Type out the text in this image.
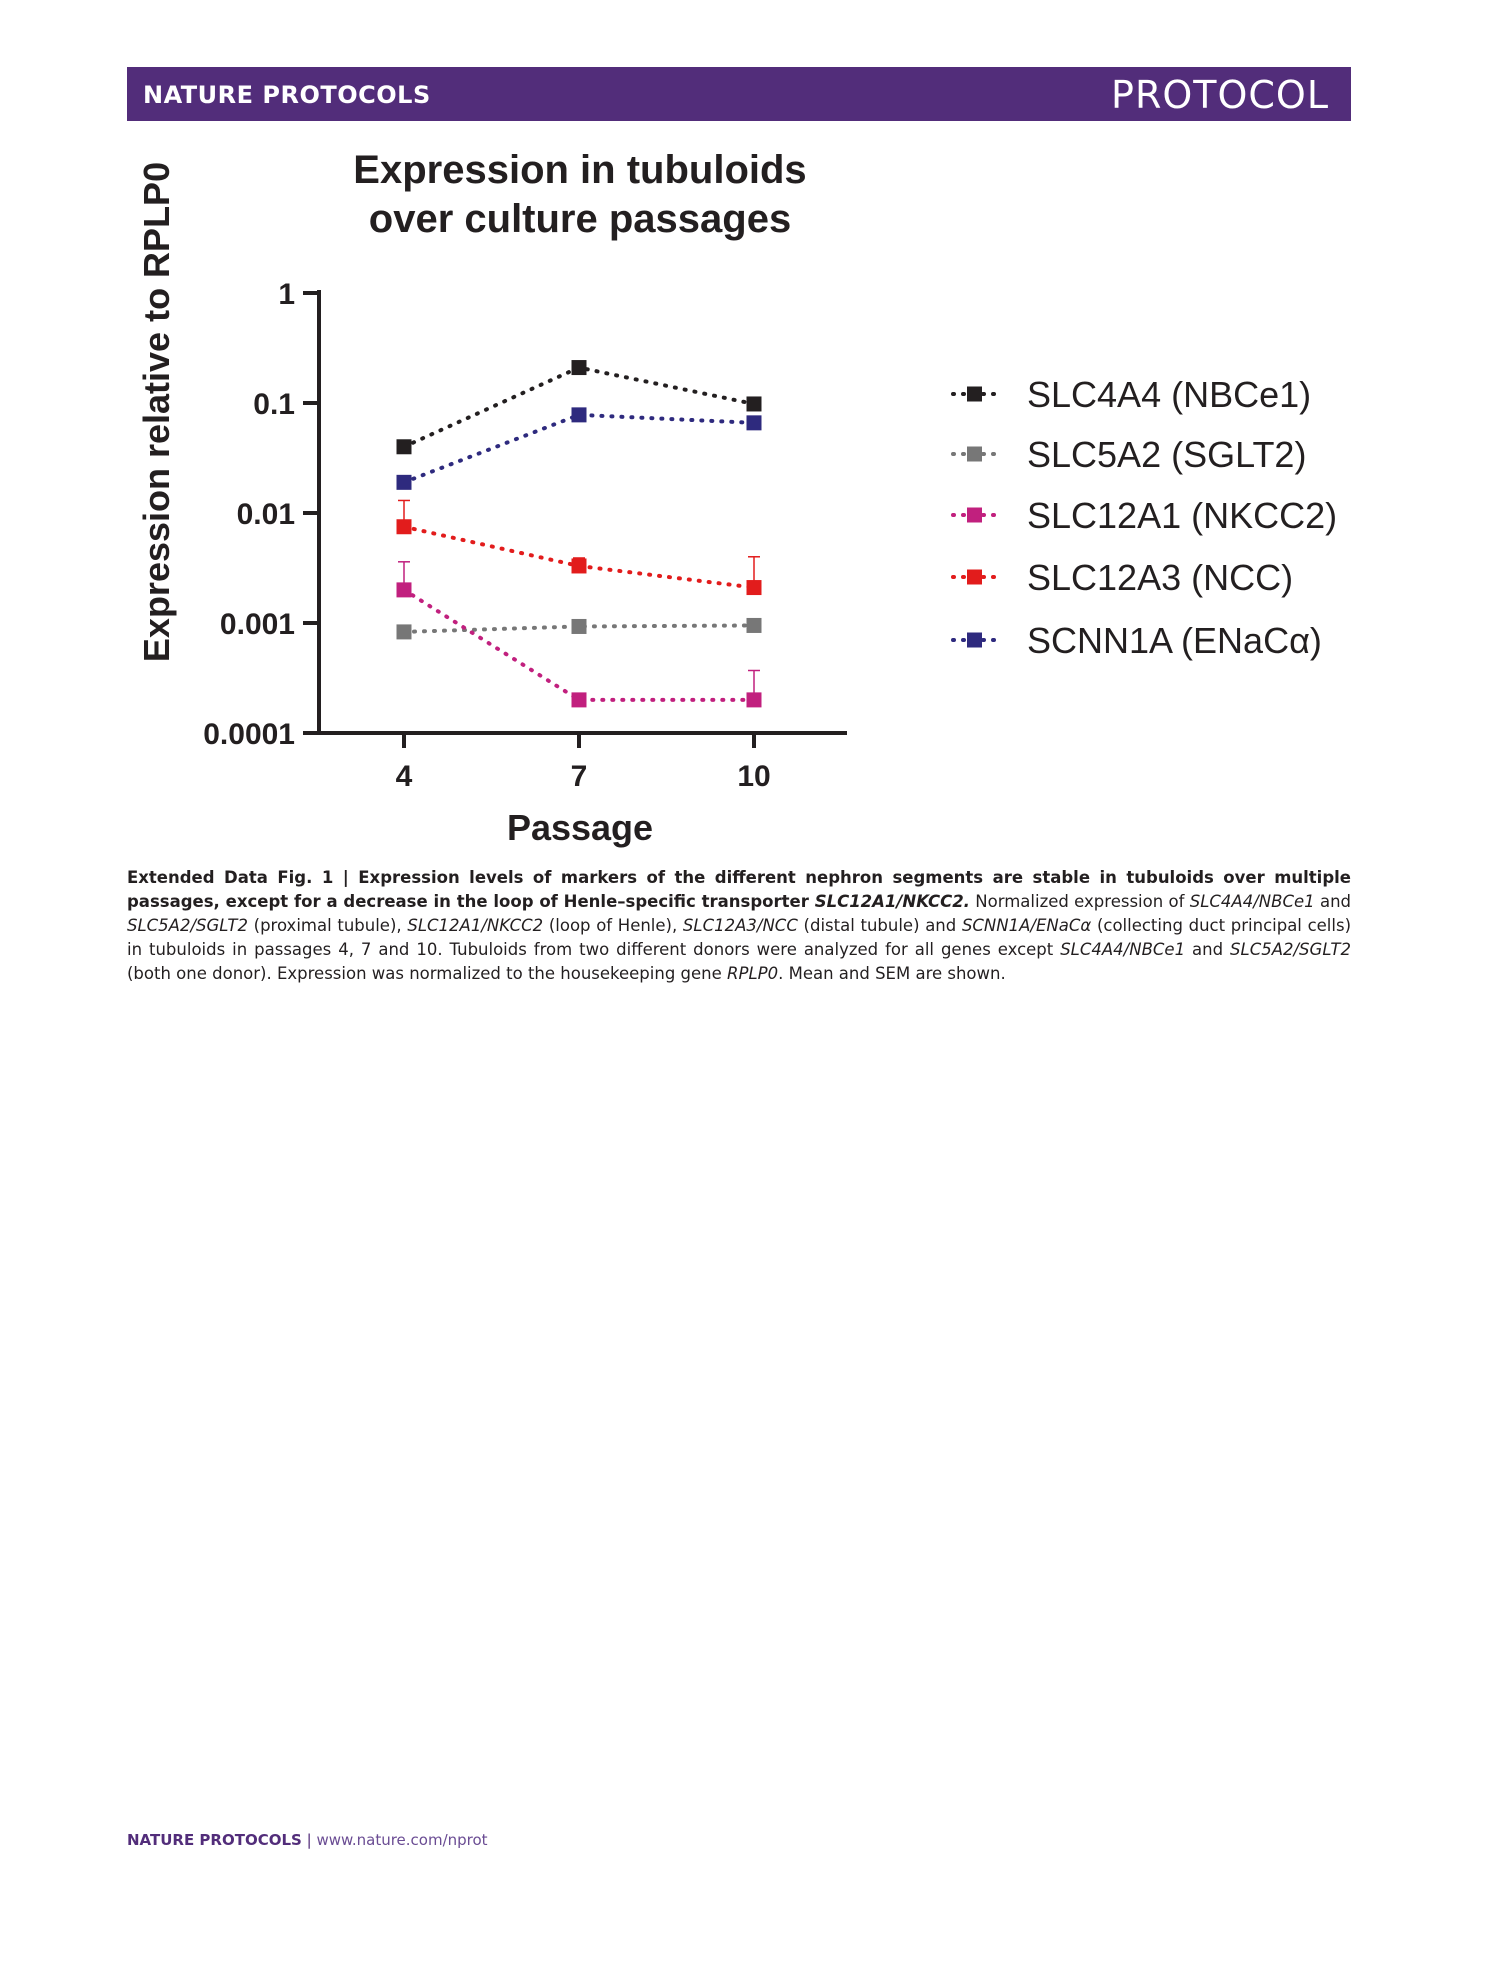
NATURE PROTOCOLS	PROTOCOL
Expression in tubuloids
over culture passages
Expression relative to RPLP0
Passage
1
0.1
0.01
0.001
0.0001
4	7	10
SLC4A4 (NBCe1)
SLC5A2 (SGLT2)
SLC12A1 (NKCC2)
SLC12A3 (NCC)
SCNN1A (ENaCα)
Extended Data Fig. 1 | Expression levels of markers of the different nephron segments are stable in tubuloids over multiple passages, except for a decrease in the loop of Henle–specific transporter SLC12A1/NKCC2. Normalized expression of SLC4A4/NBCe1 and SLC5A2/SGLT2 (proximal tubule), SLC12A1/NKCC2 (loop of Henle), SLC12A3/NCC (distal tubule) and SCNN1A/ENaCα (collecting duct principal cells) in tubuloids in passages 4, 7 and 10. Tubuloids from two different donors were analyzed for all genes except SLC4A4/NBCe1 and SLC5A2/SGLT2 (both one donor). Expression was normalized to the housekeeping gene RPLP0. Mean and SEM are shown.
NATURE PROTOCOLS | www.nature.com/nprot
